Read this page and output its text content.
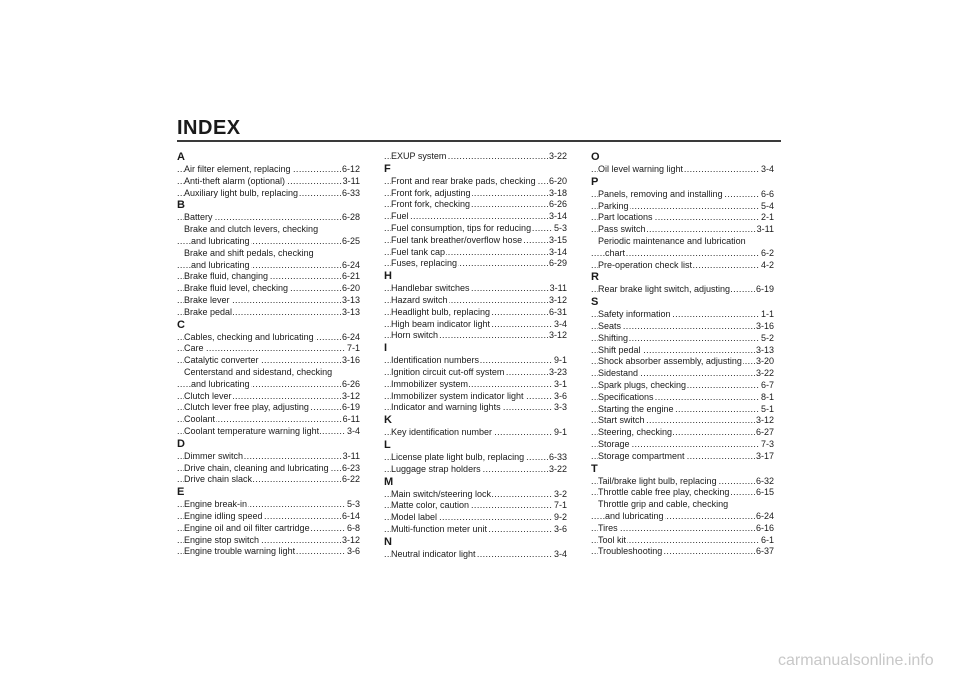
INDEX
A
Air filter element, replacing	6-12
.....
Anti-theft alarm (optional)	3-11
.....
Auxiliary light bulb, replacing	6-33
.....
B
Battery	6-28
.....
Brake and clutch levers, checking
and lubricating	6-25
.....
Brake and shift pedals, checking
and lubricating	6-24
.....
Brake fluid, changing	6-21
.....
Brake fluid level, checking	6-20
.....
Brake lever	3-13
.....
Brake pedal	3-13
.....
C
Cables, checking and lubricating	6-24
.....
Care	7-1
.....
Catalytic converter	3-16
.....
Centerstand and sidestand, checking
and lubricating	6-26
.....
Clutch lever	3-12
.....
Clutch lever free play, adjusting	6-19
.....
Coolant	6-11
.....
Coolant temperature warning light	3-4
.....
D
Dimmer switch	3-11
.....
Drive chain, cleaning and lubricating 6-23
.....
Drive chain slack	6-22
.....
E
Engine break-in	5-3
.....
Engine idling speed	6-14
.....
Engine oil and oil filter cartridge	6-8
.....
Engine stop switch	3-12
.....
Engine trouble warning light	3-6
.....
EXUP system	3-22
.....
F
Front and rear brake pads, checking 6-20
.....
Front fork, adjusting	3-18
.....
Front fork, checking	6-26
.....
Fuel	3-14
.....
Fuel consumption, tips for reducing	5-3
.....
Fuel tank breather/overflow hose	3-15
.....
Fuel tank cap	3-14
.....
Fuses, replacing	6-29
.....
H
Handlebar switches	3-11
.....
Hazard switch	3-12
.....
Headlight bulb, replacing	6-31
.....
High beam indicator light	3-4
.....
Horn switch	3-12
.....
I
Identification numbers	9-1
.....
Ignition circuit cut-off system	3-23
.....
Immobilizer system	3-1
.....
Immobilizer system indicator light	3-6
.....
Indicator and warning lights	3-3
.....
K
Key identification number	9-1
.....
L
License plate light bulb, replacing	6-33
.....
Luggage strap holders	3-22
.....
M
Main switch/steering lock	3-2
.....
Matte color, caution	7-1
.....
Model label	9-2
.....
Multi-function meter unit	3-6
.....
N
Neutral indicator light	3-4
.....
O
Oil level warning light	3-4
.....
P
Panels, removing and installing	6-6
.....
Parking	5-4
.....
Part locations	2-1
.....
Pass switch	3-11
.....
Periodic maintenance and lubrication
chart	6-2
.....
Pre-operation check list	4-2
.....
R
Rear brake light switch, adjusting	6-19
.....
S
Safety information	1-1
.....
Seats	3-16
.....
Shifting	5-2
.....
Shift pedal	3-13
.....
Shock absorber assembly, adjusting 3-20
.....
Sidestand	3-22
.....
Spark plugs, checking	6-7
.....
Specifications	8-1
.....
Starting the engine	5-1
.....
Start switch	3-12
.....
Steering, checking	6-27
.....
Storage	7-3
.....
Storage compartment	3-17
.....
T
Tail/brake light bulb, replacing	6-32
.....
Throttle cable free play, checking	6-15
.....
Throttle grip and cable, checking
and lubricating	6-24
.....
Tires	6-16
.....
Tool kit	6-1
.....
Troubleshooting	6-37
.....
carmanualsonline.info
